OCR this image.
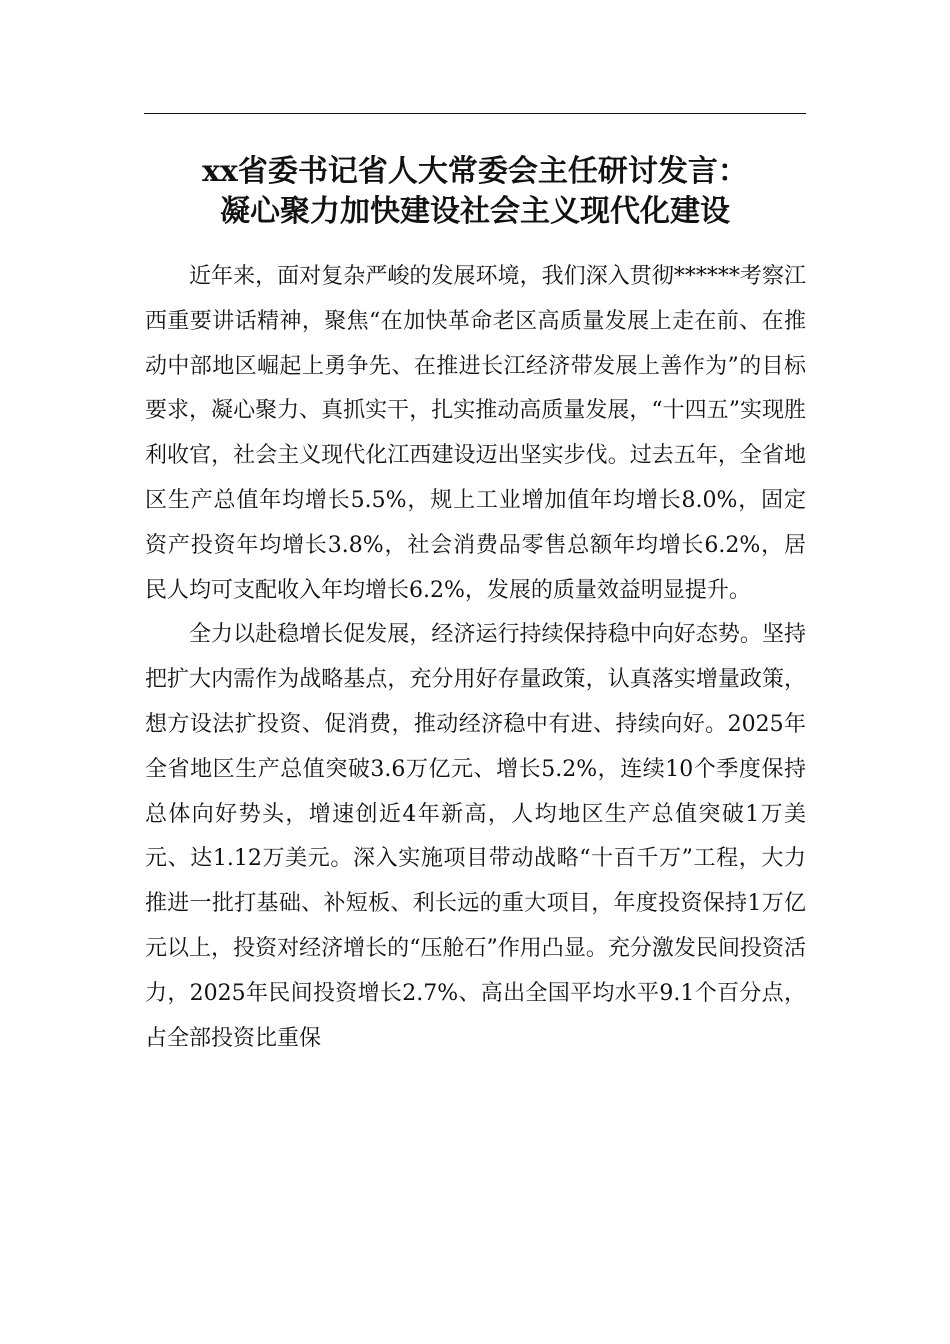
xx省委书记省人大常委会主任研讨发言：
凝心聚力加快建设社会主义现代化建设

近年来，面对复杂严峻的发展环境，我们深入贯彻******考察江西重要讲话精神，聚焦“在加快革命老区高质量发展上走在前、在推动中部地区崛起上勇争先、在推进长江经济带发展上善作为”的目标要求，凝心聚力、真抓实干，扎实推动高质量发展，“十四五”实现胜利收官，社会主义现代化江西建设迈出坚实步伐。过去五年，全省地区生产总值年均增长5.5%，规上工业增加值年均增长8.0%，固定资产投资年均增长3.8%，社会消费品零售总额年均增长6.2%，居民人均可支配收入年均增长6.2%，发展的质量效益明显提升。

全力以赴稳增长促发展，经济运行持续保持稳中向好态势。坚持把扩大内需作为战略基点，充分用好存量政策，认真落实增量政策，想方设法扩投资、促消费，推动经济稳中有进、持续向好。2025年全省地区生产总值突破3.6万亿元、增长5.2%，连续10个季度保持总体向好势头，增速创近4年新高，人均地区生产总值突破1万美元、达1.12万美元。深入实施项目带动战略“十百千万”工程，大力推进一批打基础、补短板、利长远的重大项目，年度投资保持1万亿元以上，投资对经济增长的“压舱石”作用凸显。充分激发民间投资活力，2025年民间投资增长2.7%、高出全国平均水平9.1个百分点，占全部投资比重保
